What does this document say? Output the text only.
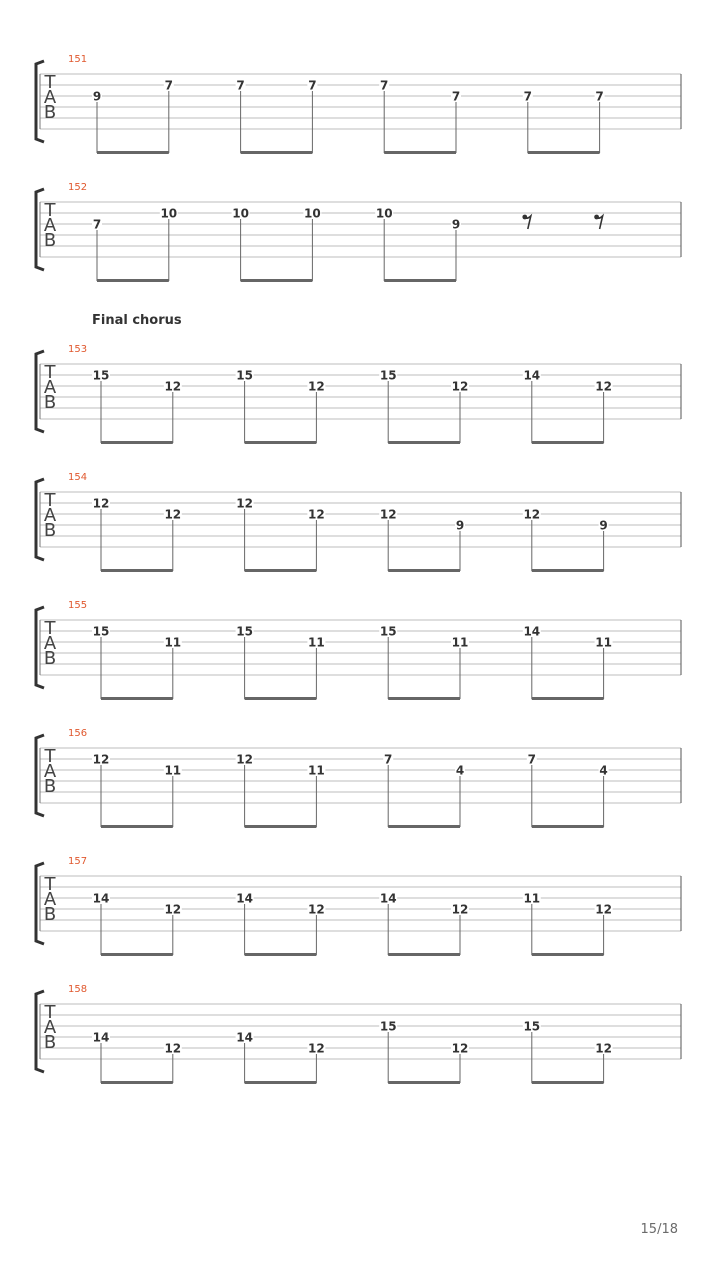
Final chorus
151
T
A
B
9
7	7	7	7
7	7	7
152
T
A
B
7
10	10	10	10
9
153
T
A
B
15
12
15
12
15
12
14
12
154
T
A
B
12
12
12
12	12
9
12
9
155
T
A
B
15
11
15
11
15
11
14
11
156
T
A
B
12
11
12
11
7
4
7
4
157
T
A
B
14
12
14
12
14
12
11
12
158
T
A
B	14
12
14
12
15
12
15
12
15/18
